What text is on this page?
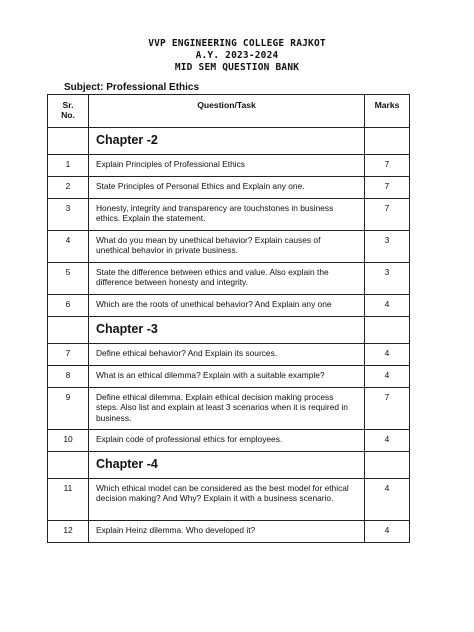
VVP ENGINEERING COLLEGE RAJKOT
A.Y. 2023-2024
MID SEM QUESTION BANK
Subject: Professional Ethics
Sr.
No.	Question/Task	Marks
	Chapter -2	
1	Explain Principles of Professional Ethics	7
2	State Principles of Personal Ethics and Explain any one.	7
3	Honesty, integrity and transparency are touchstones in business ethics. Explain the statement.	7
4	What do you mean by unethical behavior? Explain causes of unethical behavior in private business.	3
5	State the difference between ethics and value. Also explain the difference between honesty and integrity.	3
6	Which are the roots of unethical behavior? And Explain any one	4
	Chapter -3	
7	Define ethical behavior? And Explain its sources.	4
8	What is an ethical dilemma? Explain with a suitable example?	4
9	Define ethical dilemma. Explain ethical decision making process steps. Also list and explain at least 3 scenarios when it is required in business.	7
10	Explain code of professional ethics for employees.	4
	Chapter -4	
11	Which ethical model can be considered as the best model for ethical decision making? And Why? Explain it with a business scenario.	4
12	Explain Heinz dilemma. Who developed it?	4
